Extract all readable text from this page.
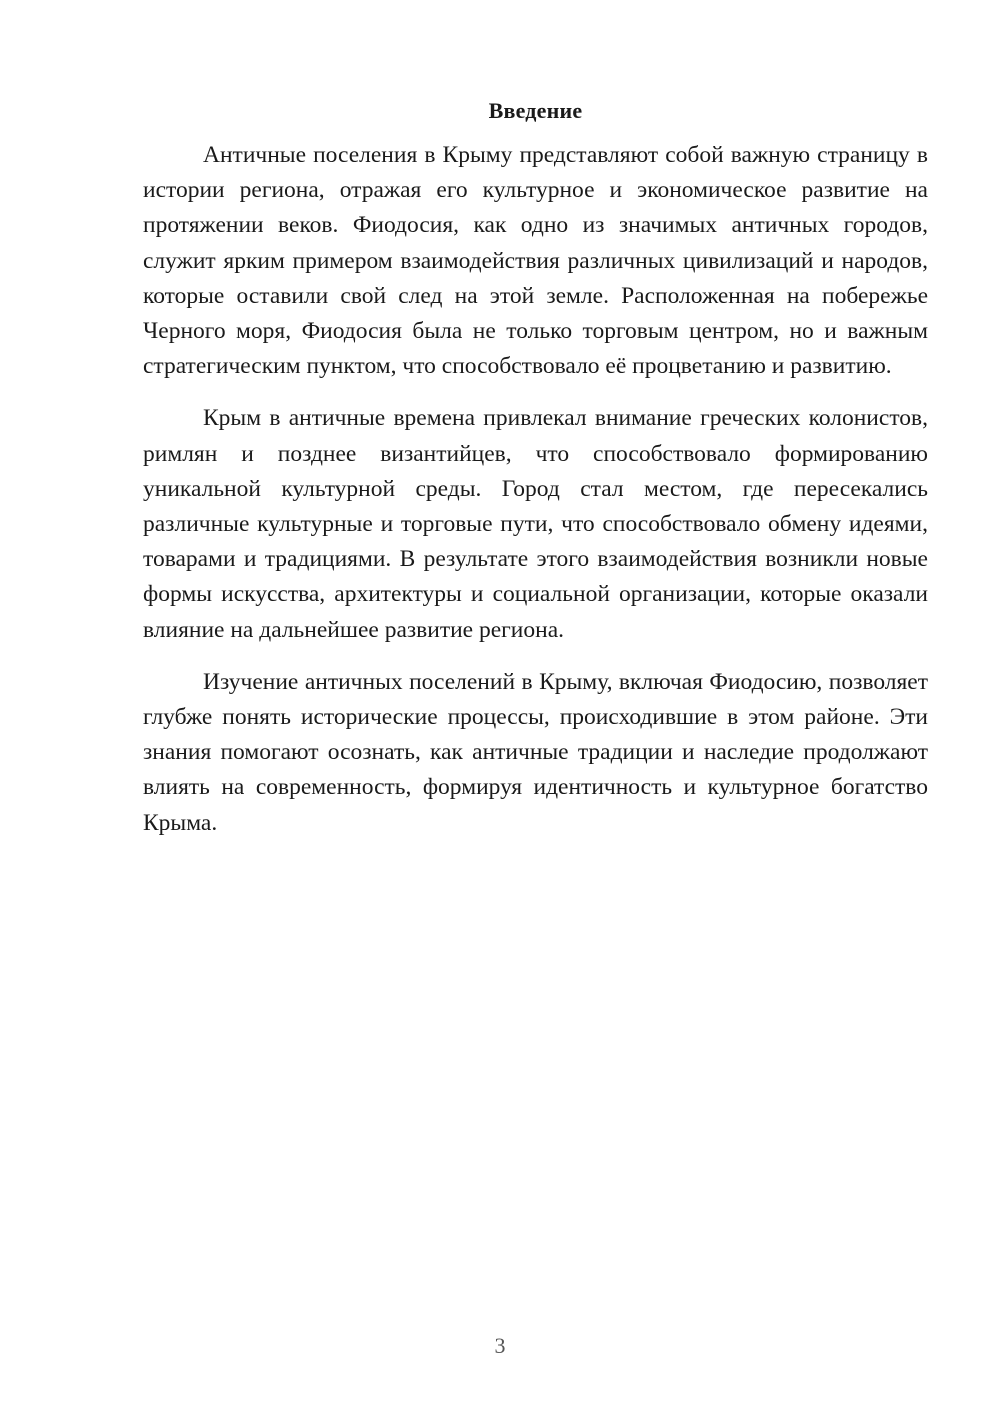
Введение

Античные поселения в Крыму представляют собой важную страницу в истории региона, отражая его культурное и экономическое развитие на протяжении веков. Фиодосия, как одно из значимых античных городов, служит ярким примером взаимодействия различных цивилизаций и народов, которые оставили свой след на этой земле. Расположенная на побережье Черного моря, Фиодосия была не только торговым центром, но и важным стратегическим пунктом, что способствовало её процветанию и развитию.

Крым в античные времена привлекал внимание греческих колонистов, римлян и позднее византийцев, что способствовало формированию уникальной культурной среды. Город стал местом, где пересекались различные культурные и торговые пути, что способствовало обмену идеями, товарами и традициями. В результате этого взаимодействия возникли новые формы искусства, архитектуры и социальной организации, которые оказали влияние на дальнейшее развитие региона.

Изучение античных поселений в Крыму, включая Фиодосию, позволяет глубже понять исторические процессы, происходившие в этом районе. Эти знания помогают осознать, как античные традиции и наследие продолжают влиять на современность, формируя идентичность и культурное богатство Крыма.

3
